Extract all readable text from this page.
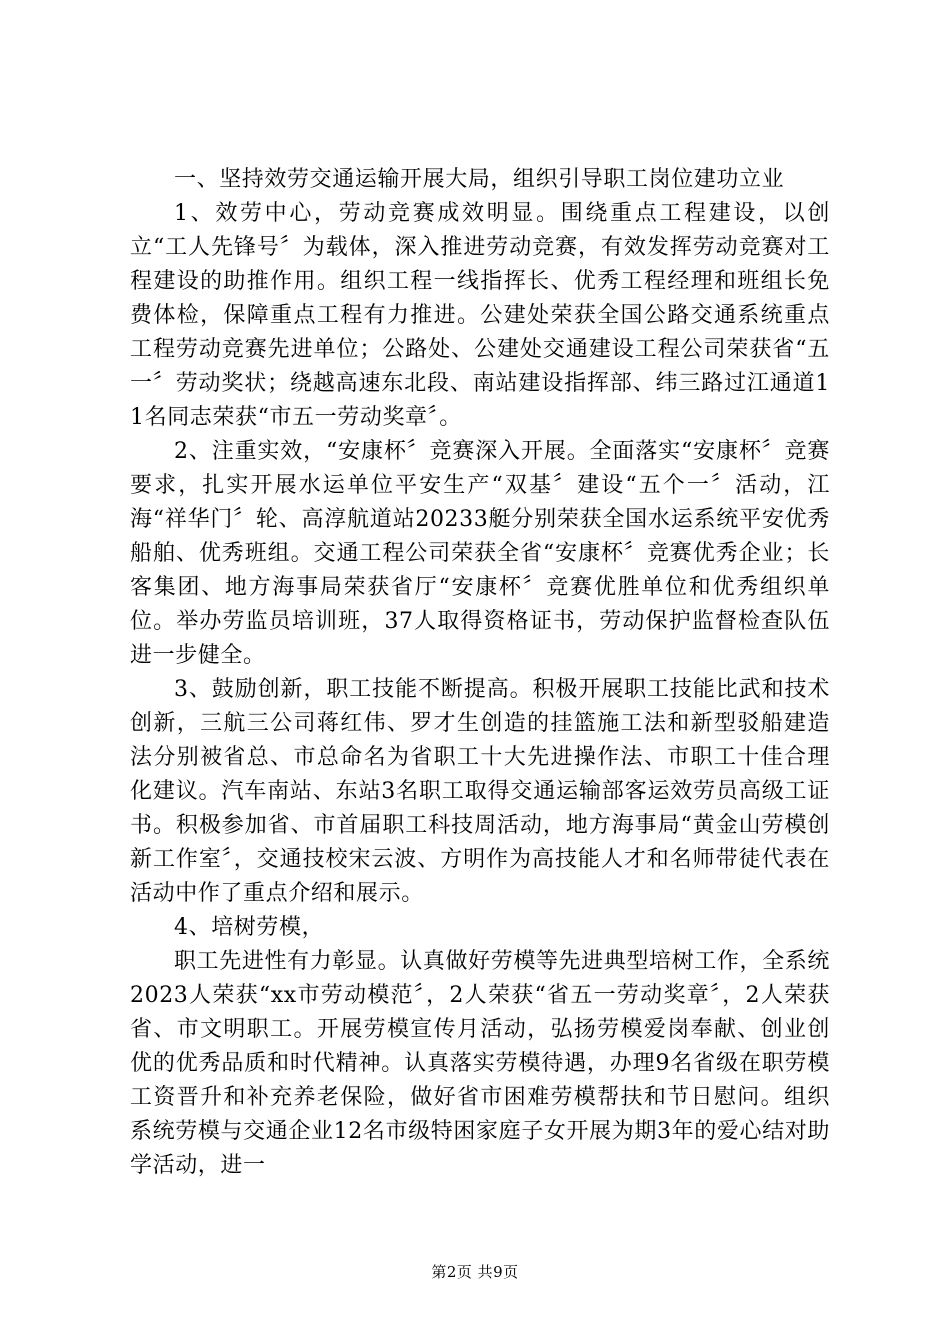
一、坚持效劳交通运输开展大局，组织引导职工岗位建功立业

1、效劳中心，劳动竞赛成效明显。围绕重点工程建设，以创立“工人先锋号〞为载体，深入推进劳动竞赛，有效发挥劳动竞赛对工程建设的助推作用。组织工程一线指挥长、优秀工程经理和班组长免费体检，保障重点工程有力推进。公建处荣获全国公路交通系统重点工程劳动竞赛先进单位；公路处、公建处交通建设工程公司荣获省“五一〞劳动奖状；绕越高速东北段、南站建设指挥部、纬三路过江通道11名同志荣获“市五一劳动奖章〞。

2、注重实效，“安康杯〞竞赛深入开展。全面落实“安康杯〞竞赛要求，扎实开展水运单位平安生产“双基〞建设“五个一〞活动，江海“祥华门〞轮、高淳航道站20233艇分别荣获全国水运系统平安优秀船舶、优秀班组。交通工程公司荣获全省“安康杯〞竞赛优秀企业；长客集团、地方海事局荣获省厅“安康杯〞竞赛优胜单位和优秀组织单位。举办劳监员培训班，37人取得资格证书，劳动保护监督检查队伍进一步健全。

3、鼓励创新，职工技能不断提高。积极开展职工技能比武和技术创新，三航三公司蒋红伟、罗才生创造的挂篮施工法和新型驳船建造法分别被省总、市总命名为省职工十大先进操作法、市职工十佳合理化建议。汽车南站、东站3名职工取得交通运输部客运效劳员高级工证书。积极参加省、市首届职工科技周活动，地方海事局“黄金山劳模创新工作室〞，交通技校宋云波、方明作为高技能人才和名师带徒代表在活动中作了重点介绍和展示。

4、培树劳模，

职工先进性有力彰显。认真做好劳模等先进典型培树工作，全系统2023人荣获“xx市劳动模范〞，2人荣获“省五一劳动奖章〞，2人荣获省、市文明职工。开展劳模宣传月活动，弘扬劳模爱岗奉献、创业创优的优秀品质和时代精神。认真落实劳模待遇，办理9名省级在职劳模工资晋升和补充养老保险，做好省市困难劳模帮扶和节日慰问。组织系统劳模与交通企业12名市级特困家庭子女开展为期3年的爱心结对助学活动，进一

第2页 共9页
